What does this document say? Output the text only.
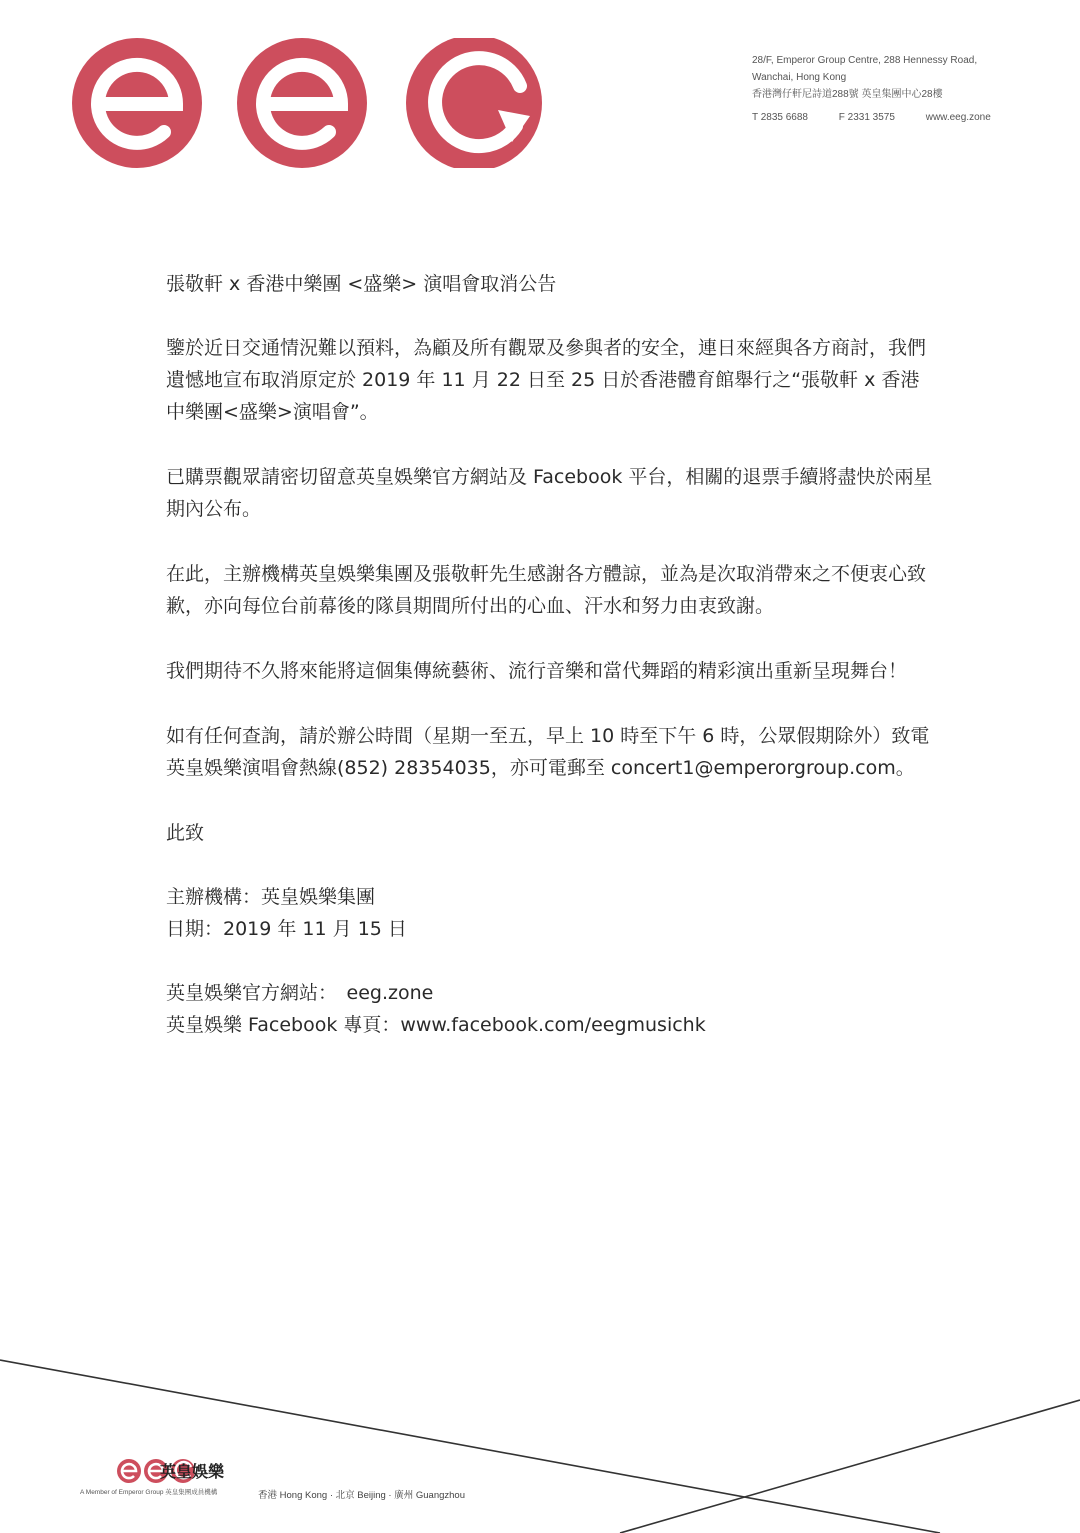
28/F, Emperor Group Centre, 288 Hennessy Road,
Wanchai, Hong Kong
香港灣仔軒尼詩道288號 英皇集團中心28樓
T 2835 6688	F 2331 3575	www.eeg.zone
張敬軒 x 香港中樂團 <盛樂> 演唱會取消公告

鑒於近日交通情況難以預料，為顧及所有觀眾及參與者的安全，連日來經與各方商討，我們遺憾地宣布取消原定於 2019 年 11 月 22 日至 25 日於香港體育館舉行之“張敬軒 x 香港中樂團<盛樂>演唱會”。

已購票觀眾請密切留意英皇娛樂官方網站及 Facebook 平台，相關的退票手續將盡快於兩星期內公布。

在此，主辦機構英皇娛樂集團及張敬軒先生感謝各方體諒，並為是次取消帶來之不便衷心致歉，亦向每位台前幕後的隊員期間所付出的心血、汗水和努力由衷致謝。

我們期待不久將來能將這個集傳統藝術、流行音樂和當代舞蹈的精彩演出重新呈現舞台！

如有任何查詢，請於辦公時間（星期一至五，早上 10 時至下午 6 時，公眾假期除外）致電英皇娛樂演唱會熱線(852) 28354035，亦可電郵至 concert1@emperorgroup.com。

此致
主辦機構：英皇娛樂集團
日期：2019 年 11 月 15 日
英皇娛樂官方網站：　eeg.zone
英皇娛樂 Facebook 專頁：www.facebook.com/eegmusichk
英皇娛樂
A Member of Emperor Group 英皇集團成員機構	香港 Hong Kong · 北京 Beijing · 廣州 Guangzhou
